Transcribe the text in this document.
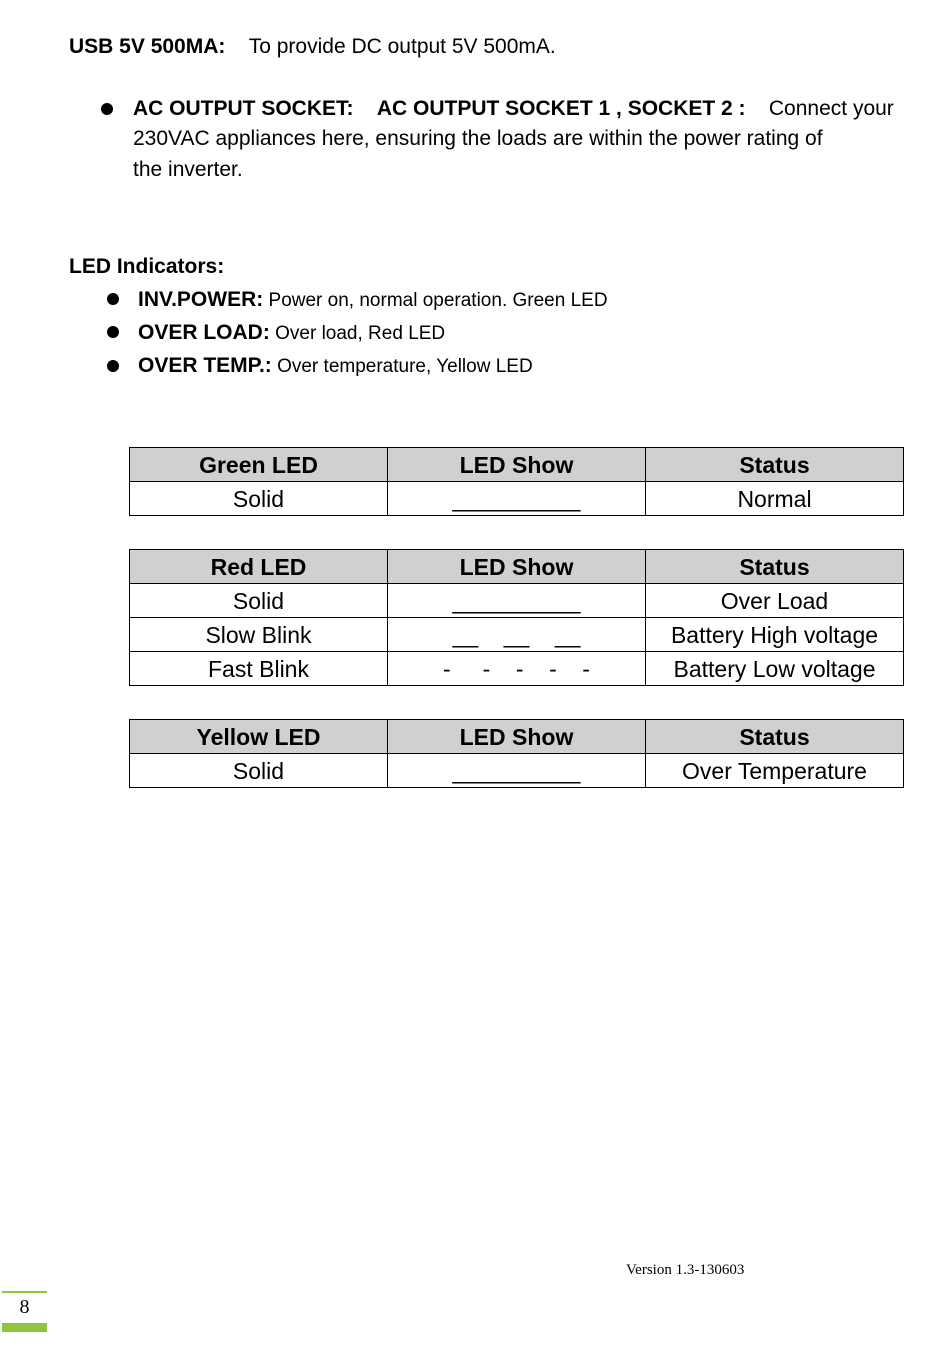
USB 5V 500MA: To provide DC output 5V 500mA.
AC OUTPUT SOCKET: AC OUTPUT SOCKET 1 , SOCKET 2 : Connect your
230VAC appliances here, ensuring the loads are within the power rating of
the inverter.
LED Indicators:
INV.POWER: Power on, normal operation. Green LED
OVER LOAD: Over load, Red LED
OVER TEMP.: Over temperature, Yellow LED
Green LED	LED Show	Status
Solid	__________	Normal
Red LED	LED Show	Status
Solid	__________	Over Load
Slow Blink	__    __    __	Battery High voltage
Fast Blink	-     -    -    -    -	Battery Low voltage
Yellow LED	LED Show	Status
Solid	__________	Over Temperature
Version 1.3-130603
8
